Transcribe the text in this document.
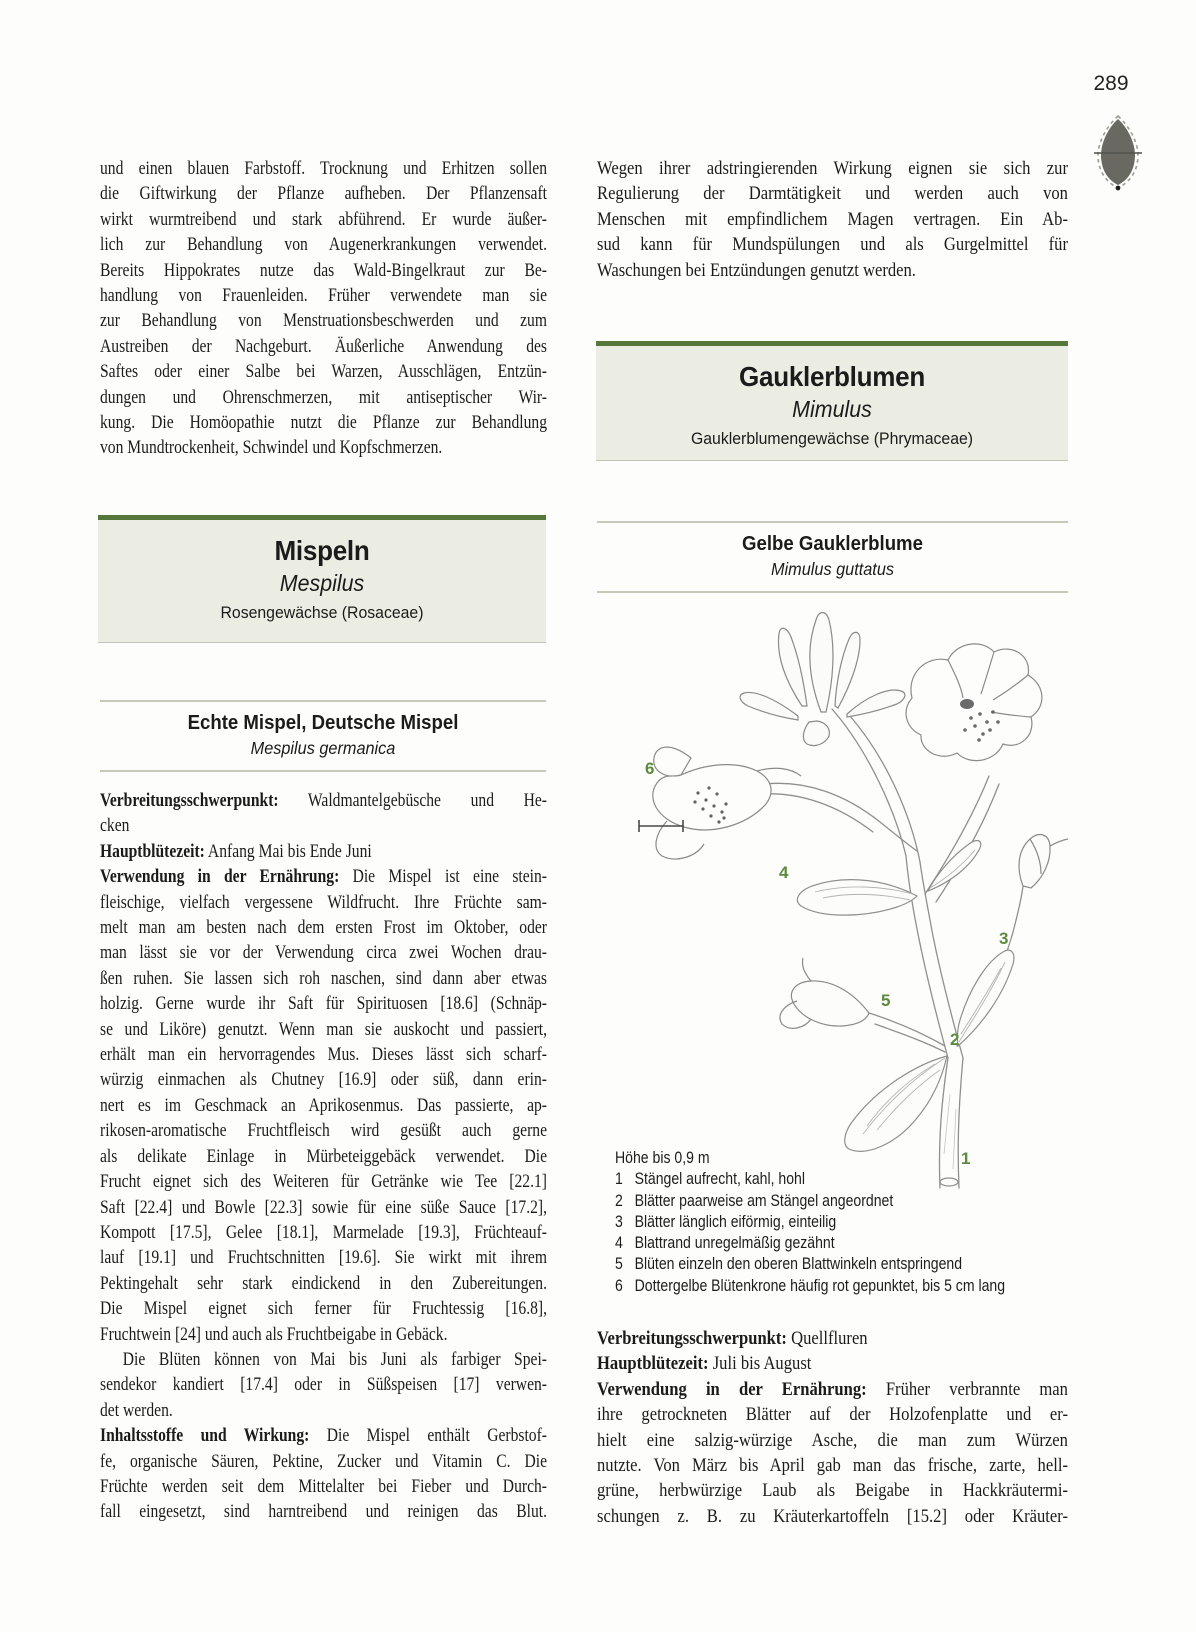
289
und einen blauen Farbstoff. Trocknung und Erhitzen sollen
die Giftwirkung der Pflanze aufheben. Der Pflanzensaft
wirkt wurmtreibend und stark abführend. Er wurde äußer-
lich zur Behandlung von Augenerkrankungen verwendet.
Bereits Hippokrates nutze das Wald-Bingelkraut zur Be-
handlung von Frauenleiden. Früher verwendete man sie
zur Behandlung von Menstruationsbeschwerden und zum
Austreiben der Nachgeburt. Äußerliche Anwendung des
Saftes oder einer Salbe bei Warzen, Ausschlägen, Entzün-
dungen und Ohrenschmerzen, mit antiseptischer Wir-
kung. Die Homöopathie nutzt die Pflanze zur Behandlung
von Mundtrockenheit, Schwindel und Kopfschmerzen.
Mispeln
Mespilus
Rosengewächse (Rosaceae)
Echte Mispel, Deutsche Mispel
Mespilus germanica
Verbreitungsschwerpunkt: Waldmantelgebüsche und He-
cken
Hauptblütezeit: Anfang Mai bis Ende Juni
Verwendung in der Ernährung: Die Mispel ist eine stein-
fleischige, vielfach vergessene Wildfrucht. Ihre Früchte sam-
melt man am besten nach dem ersten Frost im Oktober, oder
man lässt sie vor der Verwendung circa zwei Wochen drau-
ßen ruhen. Sie lassen sich roh naschen, sind dann aber etwas
holzig. Gerne wurde ihr Saft für Spirituosen [18.6] (Schnäp-
se und Liköre) genutzt. Wenn man sie auskocht und passiert,
erhält man ein hervorragendes Mus. Dieses lässt sich scharf-
würzig einmachen als Chutney [16.9] oder süß, dann erin-
nert es im Geschmack an Aprikosenmus. Das passierte, ap-
rikosen-aromatische Fruchtfleisch wird gesüßt auch gerne
als delikate Einlage in Mürbeteiggebäck verwendet. Die
Frucht eignet sich des Weiteren für Getränke wie Tee [22.1]
Saft [22.4] und Bowle [22.3] sowie für eine süße Sauce [17.2],
Kompott [17.5], Gelee [18.1], Marmelade [19.3], Früchteauf-
lauf [19.1] und Fruchtschnitten [19.6]. Sie wirkt mit ihrem
Pektingehalt sehr stark eindickend in den Zubereitungen.
Die Mispel eignet sich ferner für Fruchtessig [16.8],
Fruchtwein [24] und auch als Fruchtbeigabe in Gebäck.
Die Blüten können von Mai bis Juni als farbiger Spei-
sendekor kandiert [17.4] oder in Süßspeisen [17] verwen-
det werden.
Inhaltsstoffe und Wirkung: Die Mispel enthält Gerbstof-
fe, organische Säuren, Pektine, Zucker und Vitamin C. Die
Früchte werden seit dem Mittelalter bei Fieber und Durch-
fall eingesetzt, sind harntreibend und reinigen das Blut.
Wegen ihrer adstringierenden Wirkung eignen sie sich zur
Regulierung der Darmtätigkeit und werden auch von
Menschen mit empfindlichem Magen vertragen. Ein Ab-
sud kann für Mundspülungen und als Gurgelmittel für
Waschungen bei Entzündungen genutzt werden.
Gauklerblumen
Mimulus
Gauklerblumengewächse (Phrymaceae)
Gelbe Gauklerblume
Mimulus guttatus
6
4
3
5
2
1
Höhe bis 0,9 m
1 Stängel aufrecht, kahl, hohl
2 Blätter paarweise am Stängel angeordnet
3 Blätter länglich eiförmig, einteilig
4 Blattrand unregelmäßig gezähnt
5 Blüten einzeln den oberen Blattwinkeln entspringend
6 Dottergelbe Blütenkrone häufig rot gepunktet, bis 5 cm lang
Verbreitungsschwerpunkt: Quellfluren
Hauptblütezeit: Juli bis August
Verwendung in der Ernährung: Früher verbrannte man
ihre getrockneten Blätter auf der Holzofenplatte und er-
hielt eine salzig-würzige Asche, die man zum Würzen
nutzte. Von März bis April gab man das frische, zarte, hell-
grüne, herbwürzige Laub als Beigabe in Hackkräutermi-
schungen z. B. zu Kräuterkartoffeln [15.2] oder Kräuter-
